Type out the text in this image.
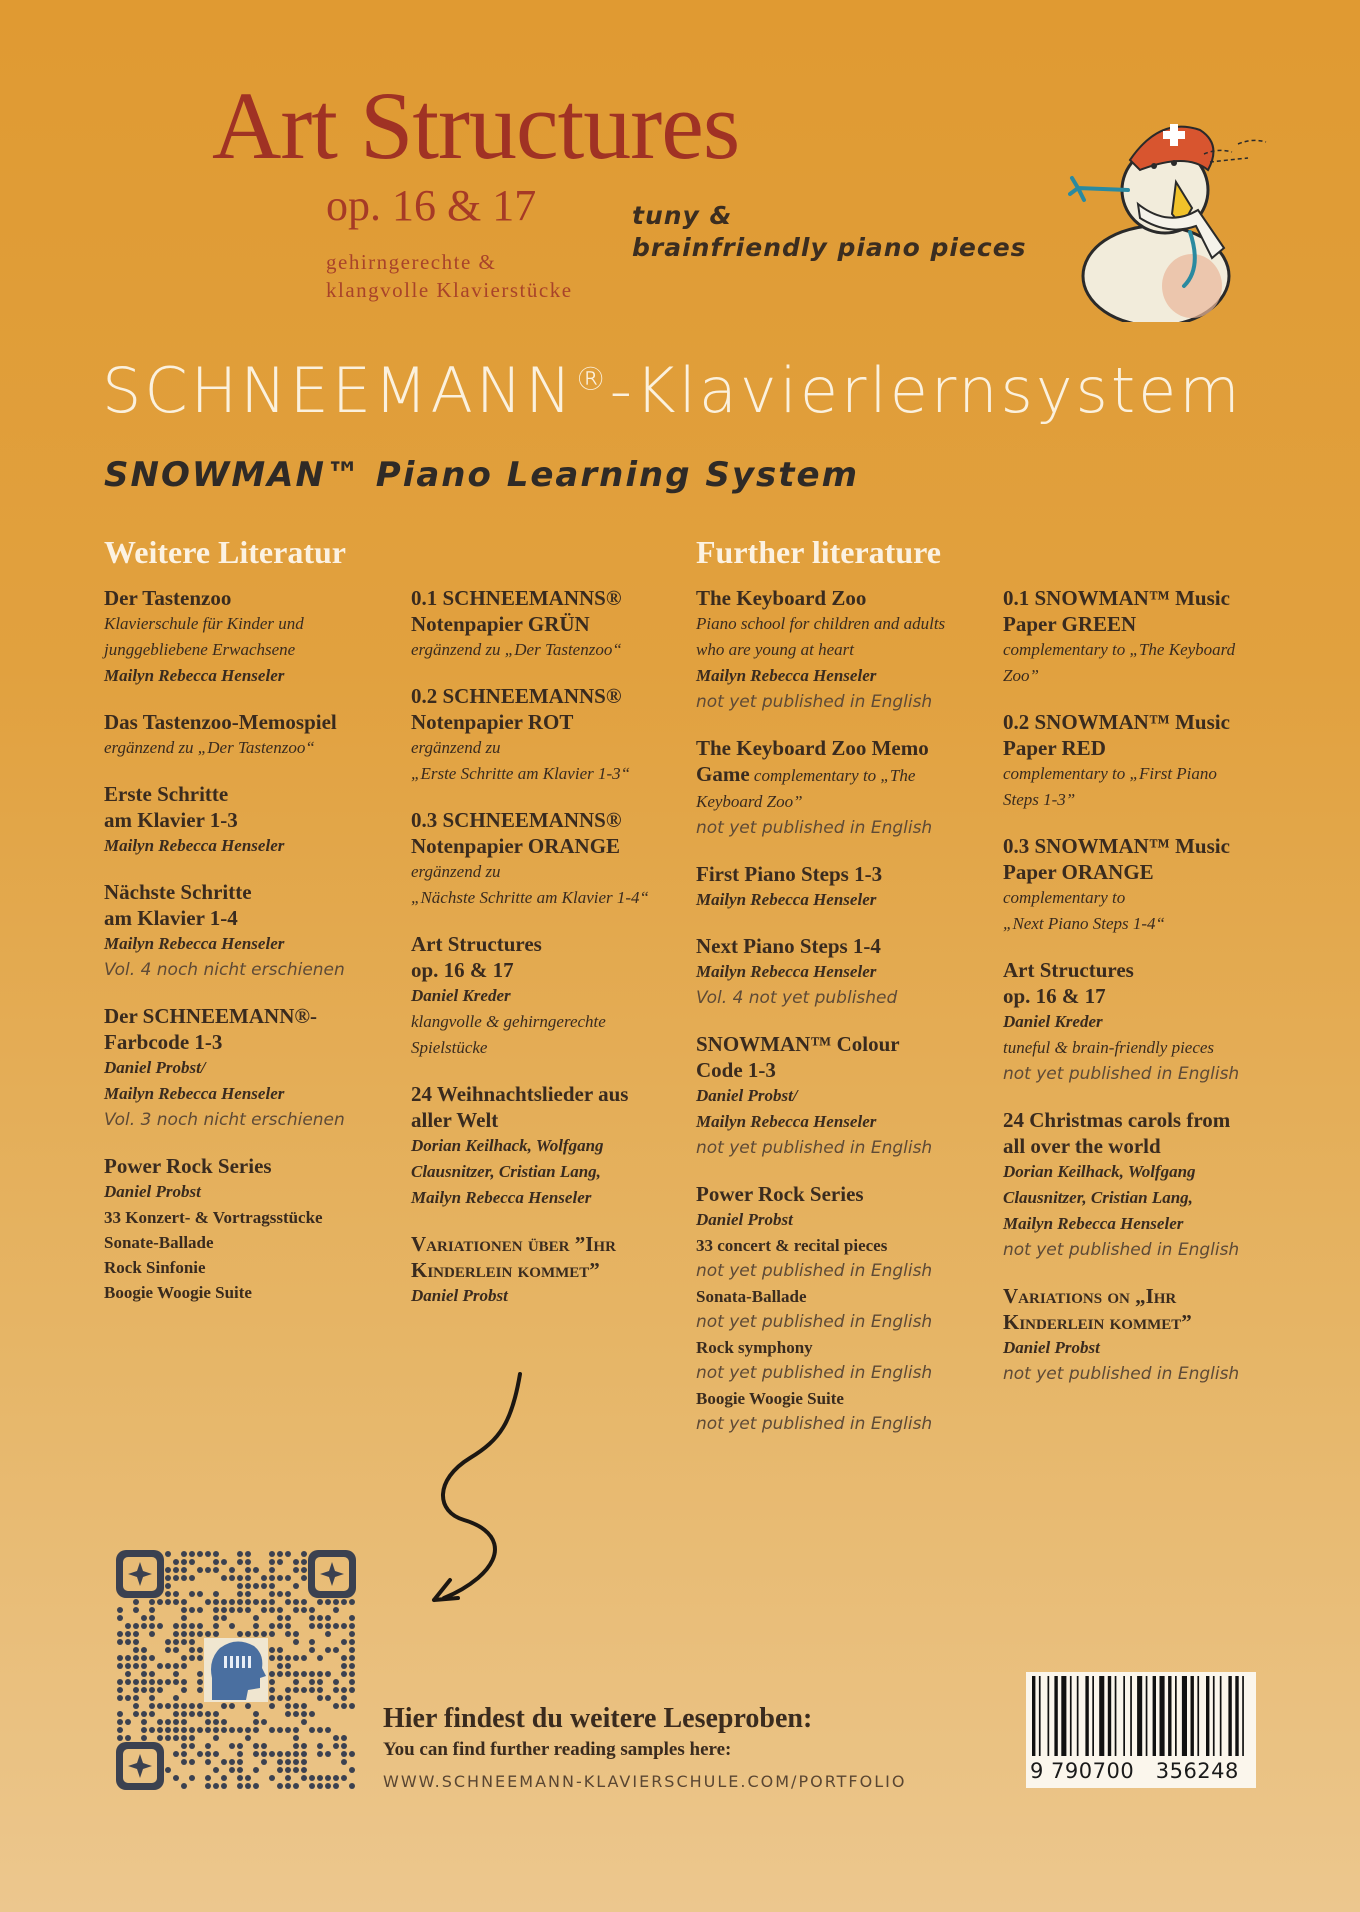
Art Structures
op. 16 & 17
gehirngerechte &
klangvolle Klavierstücke
tuny &
brainfriendly piano pieces
SCHNEEMANN®-Klavierlernsystem
SNOWMAN™ Piano Learning System
Weitere Literatur	Further literature
Der Tastenzoo
Klavierschule für Kinder und
junggebliebene Erwachsene
Mailyn Rebecca Henseler
Das Tastenzoo-Memospiel
ergänzend zu „Der Tastenzoo“
Erste Schritte
am Klavier 1-3
Mailyn Rebecca Henseler
Nächste Schritte
am Klavier 1-4
Mailyn Rebecca Henseler
Vol. 4 noch nicht erschienen
Der SCHNEEMANN®-
Farbcode 1-3
Daniel Probst/
Mailyn Rebecca Henseler
Vol. 3 noch nicht erschienen
Power Rock Series
Daniel Probst
33 Konzert- & Vortragsstücke
Sonate-Ballade
Rock Sinfonie
Boogie Woogie Suite
0.1 SCHNEEMANNS®
Notenpapier GRÜN
ergänzend zu „Der Tastenzoo“
0.2 SCHNEEMANNS®
Notenpapier ROT
ergänzend zu
„Erste Schritte am Klavier 1-3“
0.3 SCHNEEMANNS®
Notenpapier ORANGE
ergänzend zu
„Nächste Schritte am Klavier 1-4“
Art Structures
op. 16 & 17
Daniel Kreder
klangvolle & gehirngerechte
Spielstücke
24 Weihnachtslieder aus
aller Welt
Dorian Keilhack, Wolfgang
Clausnitzer, Cristian Lang,
Mailyn Rebecca Henseler
Variationen über ”Ihr
Kinderlein kommet”
Daniel Probst
The Keyboard Zoo
Piano school for children and adults
who are young at heart
Mailyn Rebecca Henseler
not yet published in English
The Keyboard Zoo Memo
Game complementary to „The
Keyboard Zoo”
not yet published in English
First Piano Steps 1-3
Mailyn Rebecca Henseler
Next Piano Steps 1-4
Mailyn Rebecca Henseler
Vol. 4 not yet published
SNOWMAN™ Colour
Code 1-3
Daniel Probst/
Mailyn Rebecca Henseler
not yet published in English
Power Rock Series
Daniel Probst
33 concert & recital pieces
not yet published in English
Sonata-Ballade
not yet published in English
Rock symphony
not yet published in English
Boogie Woogie Suite
not yet published in English
0.1 SNOWMAN™ Music
Paper GREEN
complementary to „The Keyboard
Zoo”
0.2 SNOWMAN™ Music
Paper RED
complementary to „First Piano
Steps 1-3”
0.3 SNOWMAN™ Music
Paper ORANGE
complementary to
„Next Piano Steps 1-4“
Art Structures
op. 16 & 17
Daniel Kreder
tuneful & brain-friendly pieces
not yet published in English
24 Christmas carols from
all over the world
Dorian Keilhack, Wolfgang
Clausnitzer, Cristian Lang,
Mailyn Rebecca Henseler
not yet published in English
Variations on „Ihr
Kinderlein kommet”
Daniel Probst
not yet published in English
Hier findest du weitere Leseproben:
You can find further reading samples here:
WWW.SCHNEEMANN-KLAVIERSCHULE.COM/PORTFOLIO	9 790700   356248
